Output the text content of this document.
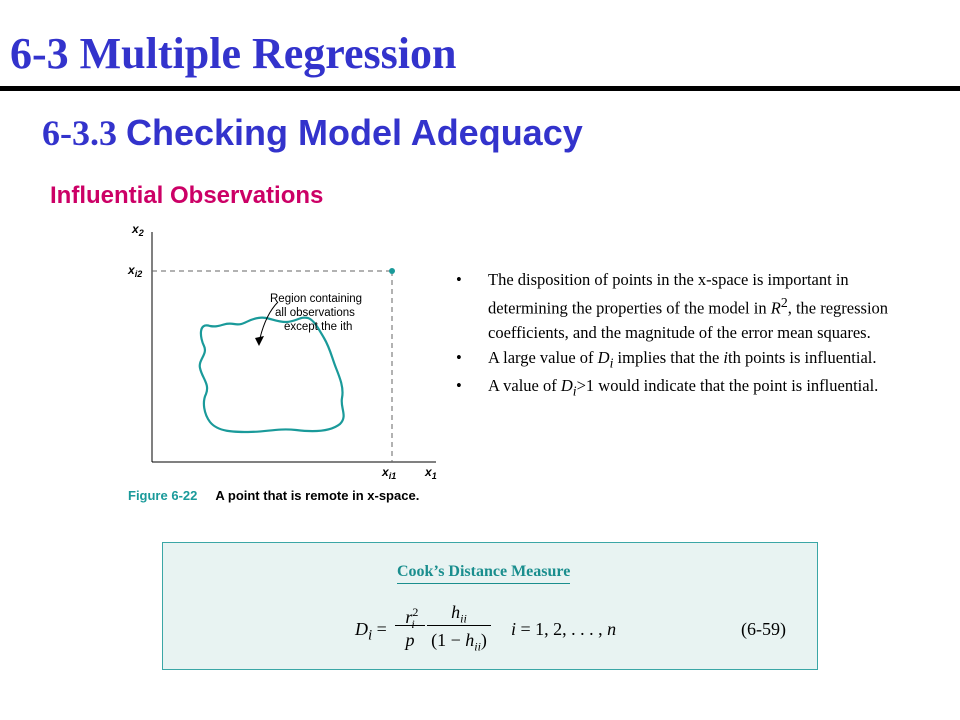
6-3 Multiple Regression
6-3.3 Checking Model Adequacy
Influential Observations
$x_2$
$x_1$
$x_{i1}$
$x_{i2}$
Region containing all observations except the ith
Figure 6-22 A point that is remote in x-space.
• The disposition of points in the x-space is important in determining the properties of the model in $R^2$, the regression coefficients, and the magnitude of the error mean squares.
• A large value of $D_i$ implies that the ith points is influential.
• A value of $D_i>1$ would indicate that the point is influential.
Cook’s Distance Measure
$D_i$ =
$r^2_i$
p
$h_{ii}$
$(1 - h_{ii})$
i = 1, 2, . . . , n	(6-59)
